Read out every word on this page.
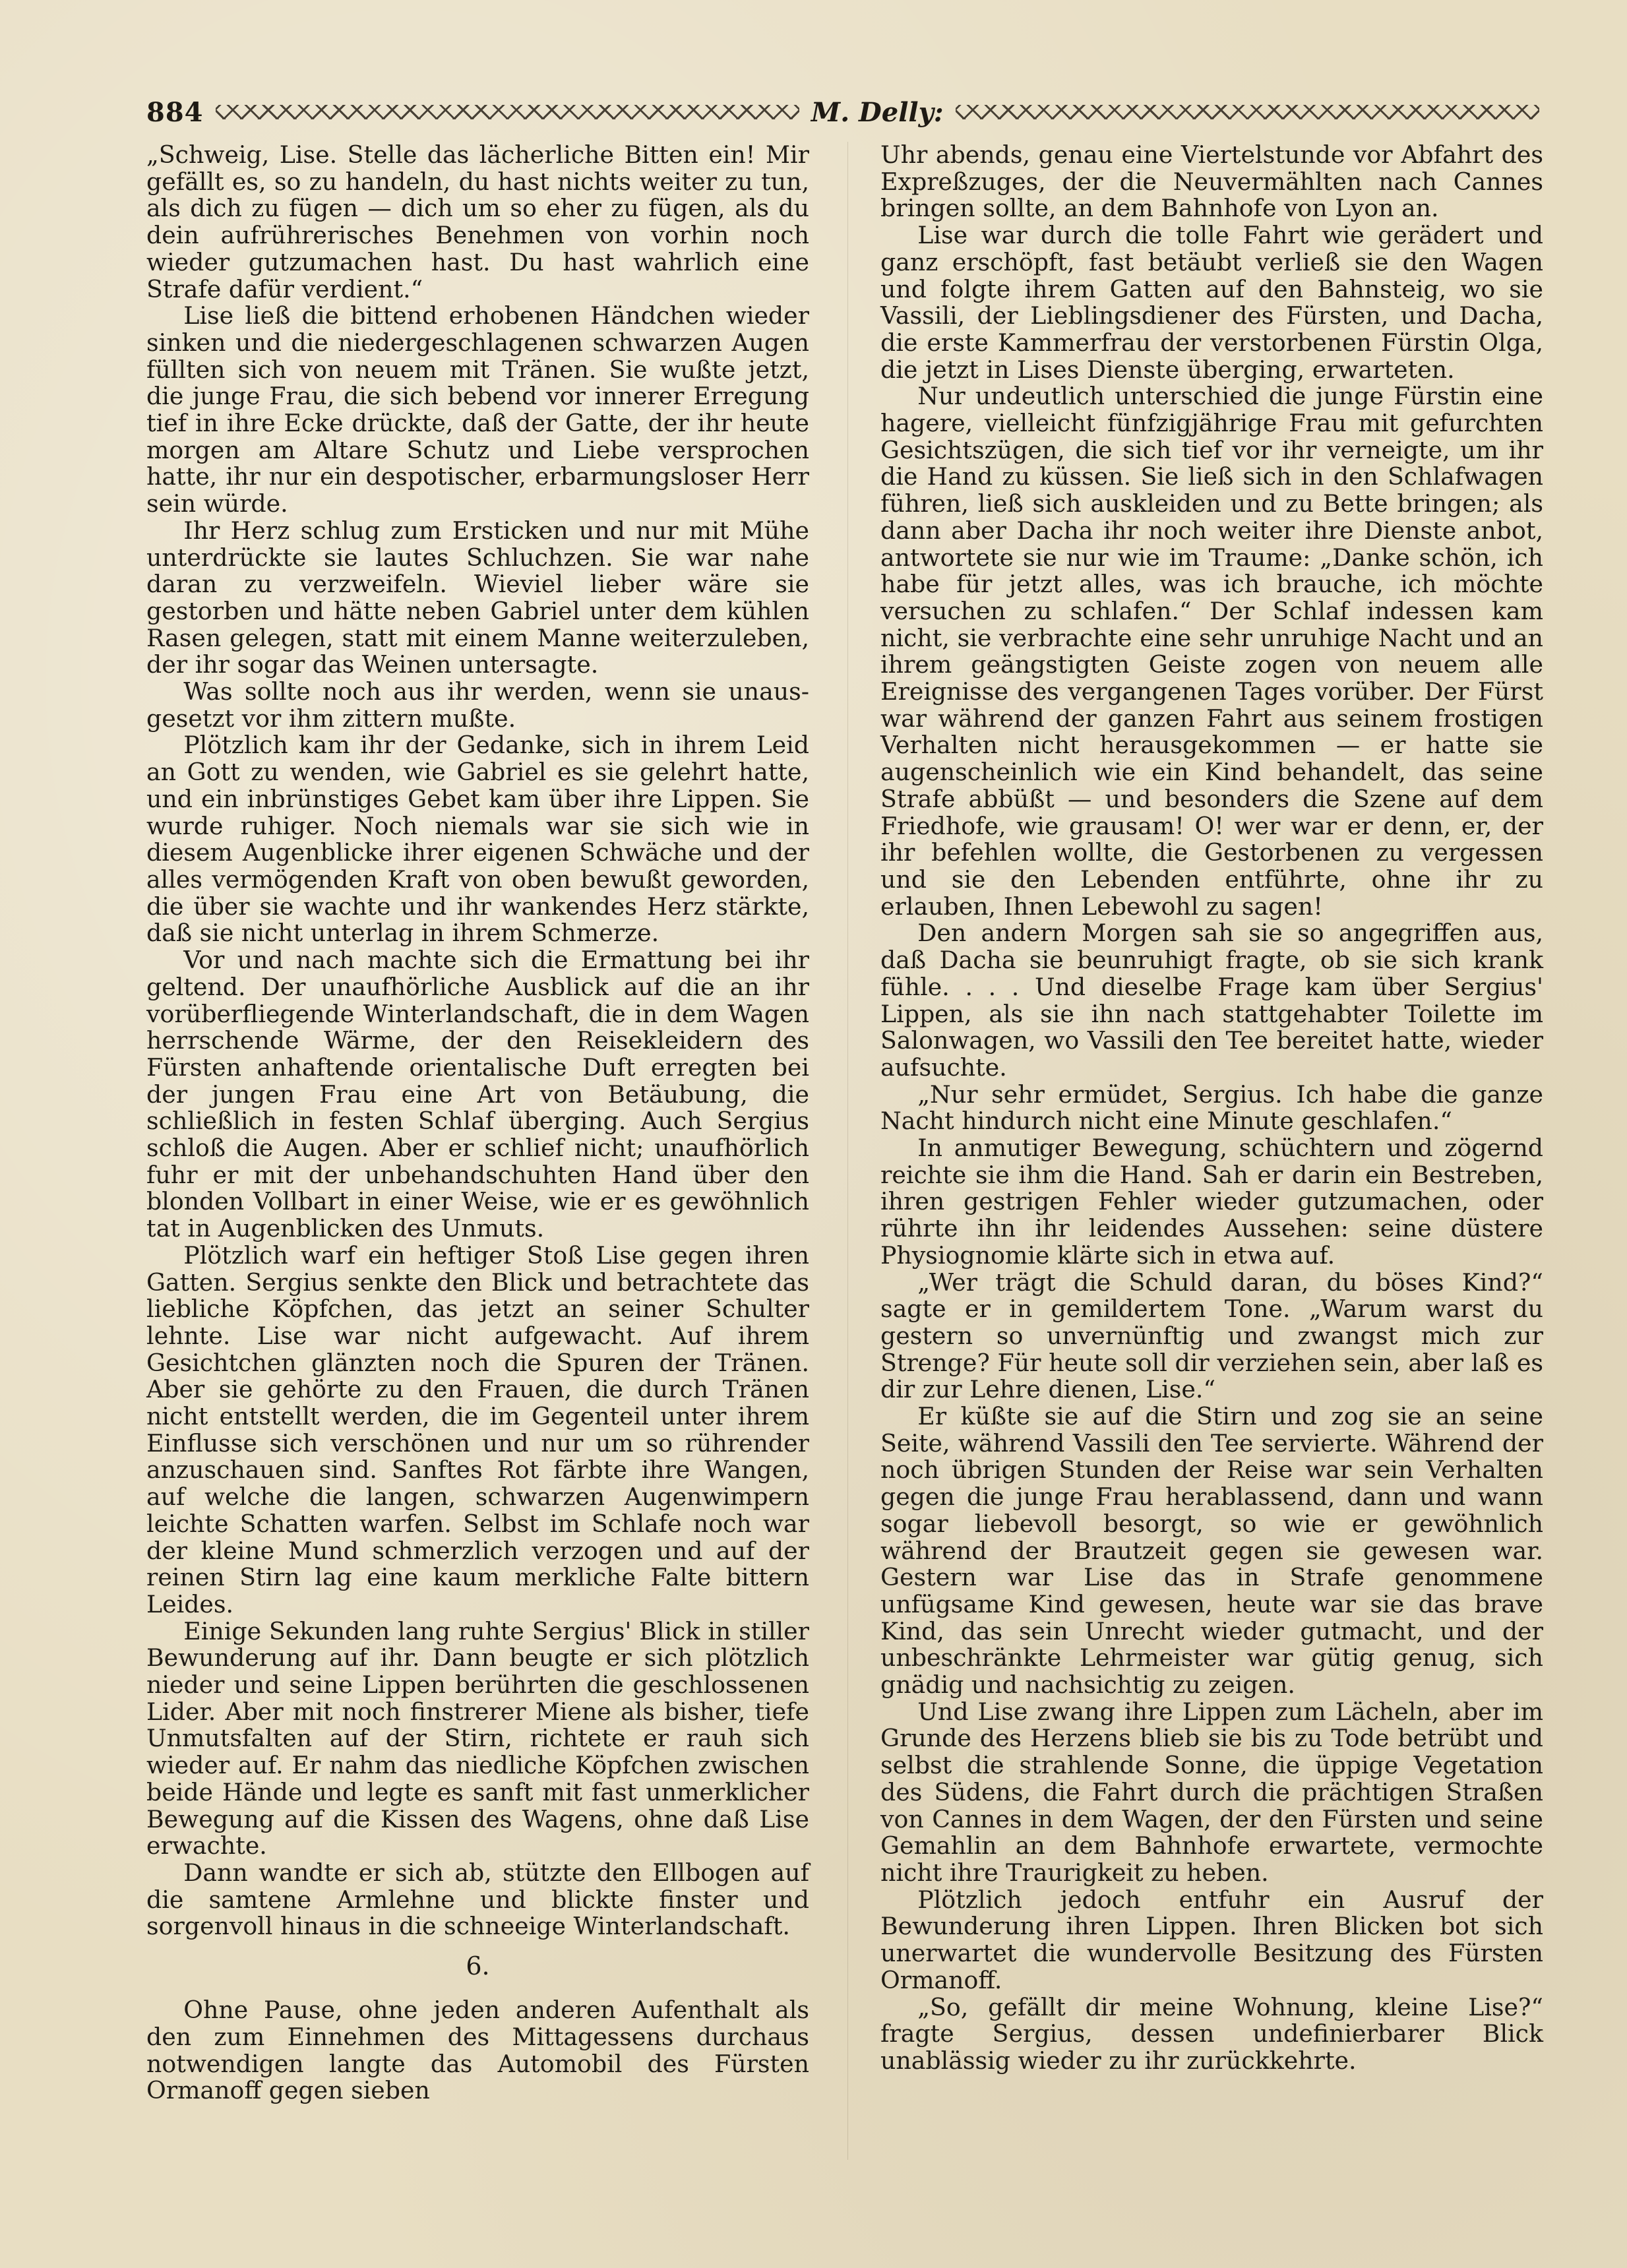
884	M. Delly:

„Schweig, Lise. Stelle das lächerliche Bitten ein! Mir gefällt es, so zu handeln, du hast nichts weiter zu tun, als dich zu fügen — dich um so eher zu fügen, als du dein aufrührerisches Benehmen von vorhin noch wieder gutzumachen hast. Du hast wahrlich eine Strafe dafür verdient.“

Lise ließ die bittend erhobenen Händchen wieder sinken und die niedergeschlagenen schwarzen Augen füllten sich von neuem mit Tränen. Sie wußte jetzt, die junge Frau, die sich bebend vor innerer Erregung tief in ihre Ecke drückte, daß der Gatte, der ihr heute morgen am Altare Schutz und Liebe versprochen hatte, ihr nur ein despotischer, erbarmungsloser Herr sein würde.

Ihr Herz schlug zum Ersticken und nur mit Mühe unterdrückte sie lautes Schluchzen. Sie war nahe daran zu verzweifeln. Wieviel lieber wäre sie gestorben und hätte neben Gabriel unter dem kühlen Rasen gelegen, statt mit einem Manne weiterzuleben, der ihr sogar das Weinen untersagte.

Was sollte noch aus ihr werden, wenn sie unausgesetzt vor ihm zittern mußte.

Plötzlich kam ihr der Gedanke, sich in ihrem Leid an Gott zu wenden, wie Gabriel es sie gelehrt hatte, und ein inbrünstiges Gebet kam über ihre Lippen. Sie wurde ruhiger. Noch niemals war sie sich wie in diesem Augenblicke ihrer eigenen Schwäche und der alles vermögenden Kraft von oben bewußt geworden, die über sie wachte und ihr wankendes Herz stärkte, daß sie nicht unterlag in ihrem Schmerze.

Vor und nach machte sich die Ermattung bei ihr geltend. Der unaufhörliche Ausblick auf die an ihr vorüberfliegende Winterlandschaft, die in dem Wagen herrschende Wärme, der den Reisekleidern des Fürsten anhaftende orientalische Duft erregten bei der jungen Frau eine Art von Betäubung, die schließlich in festen Schlaf überging. Auch Sergius schloß die Augen. Aber er schlief nicht; unaufhörlich fuhr er mit der unbehandschuhten Hand über den blonden Vollbart in einer Weise, wie er es gewöhnlich tat in Augenblicken des Unmuts.

Plötzlich warf ein heftiger Stoß Lise gegen ihren Gatten. Sergius senkte den Blick und betrachtete das liebliche Köpfchen, das jetzt an seiner Schulter lehnte. Lise war nicht aufgewacht. Auf ihrem Gesichtchen glänzten noch die Spuren der Tränen. Aber sie gehörte zu den Frauen, die durch Tränen nicht entstellt werden, die im Gegenteil unter ihrem Einflusse sich verschönen und nur um so rührender anzuschauen sind. Sanftes Rot färbte ihre Wangen, auf welche die langen, schwarzen Augenwimpern leichte Schatten warfen. Selbst im Schlafe noch war der kleine Mund schmerzlich verzogen und auf der reinen Stirn lag eine kaum merkliche Falte bittern Leides.

Einige Sekunden lang ruhte Sergius' Blick in stiller Bewunderung auf ihr. Dann beugte er sich plötzlich nieder und seine Lippen berührten die geschlossenen Lider. Aber mit noch finstrerer Miene als bisher, tiefe Unmutsfalten auf der Stirn, richtete er rauh sich wieder auf. Er nahm das niedliche Köpfchen zwischen beide Hände und legte es sanft mit fast unmerklicher Bewegung auf die Kissen des Wagens, ohne daß Lise erwachte.

Dann wandte er sich ab, stützte den Ellbogen auf die samtene Armlehne und blickte finster und sorgenvoll hinaus in die schneeige Winterlandschaft.

6.

Ohne Pause, ohne jeden anderen Aufenthalt als den zum Einnehmen des Mittagessens durchaus notwendigen langte das Automobil des Fürsten Ormanoff gegen sieben

Uhr abends, genau eine Viertelstunde vor Abfahrt des Expreßzuges, der die Neuvermählten nach Cannes bringen sollte, an dem Bahnhofe von Lyon an.

Lise war durch die tolle Fahrt wie gerädert und ganz erschöpft, fast betäubt verließ sie den Wagen und folgte ihrem Gatten auf den Bahnsteig, wo sie Vassili, der Lieblingsdiener des Fürsten, und Dacha, die erste Kammerfrau der verstorbenen Fürstin Olga, die jetzt in Lises Dienste überging, erwarteten.

Nur undeutlich unterschied die junge Fürstin eine hagere, vielleicht fünfzigjährige Frau mit gefurchten Gesichtszügen, die sich tief vor ihr verneigte, um ihr die Hand zu küssen. Sie ließ sich in den Schlafwagen führen, ließ sich auskleiden und zu Bette bringen; als dann aber Dacha ihr noch weiter ihre Dienste anbot, antwortete sie nur wie im Traume: „Danke schön, ich habe für jetzt alles, was ich brauche, ich möchte versuchen zu schlafen.“ Der Schlaf indessen kam nicht, sie verbrachte eine sehr unruhige Nacht und an ihrem geängstigten Geiste zogen von neuem alle Ereignisse des vergangenen Tages vorüber. Der Fürst war während der ganzen Fahrt aus seinem frostigen Verhalten nicht herausgekommen — er hatte sie augenscheinlich wie ein Kind behandelt, das seine Strafe abbüßt — und besonders die Szene auf dem Friedhofe, wie grausam! O! wer war er denn, er, der ihr befehlen wollte, die Gestorbenen zu vergessen und sie den Lebenden entführte, ohne ihr zu erlauben, Ihnen Lebewohl zu sagen!

Den andern Morgen sah sie so angegriffen aus, daß Dacha sie beunruhigt fragte, ob sie sich krank fühle. . . . Und dieselbe Frage kam über Sergius' Lippen, als sie ihn nach stattgehabter Toilette im Salonwagen, wo Vassili den Tee bereitet hatte, wieder aufsuchte.

„Nur sehr ermüdet, Sergius. Ich habe die ganze Nacht hindurch nicht eine Minute geschlafen.“

In anmutiger Bewegung, schüchtern und zögernd reichte sie ihm die Hand. Sah er darin ein Bestreben, ihren gestrigen Fehler wieder gutzumachen, oder rührte ihn ihr leidendes Aussehen: seine düstere Physiognomie klärte sich in etwa auf.

„Wer trägt die Schuld daran, du böses Kind?“ sagte er in gemildertem Tone. „Warum warst du gestern so unvernünftig und zwangst mich zur Strenge? Für heute soll dir verziehen sein, aber laß es dir zur Lehre dienen, Lise.“

Er küßte sie auf die Stirn und zog sie an seine Seite, während Vassili den Tee servierte. Während der noch übrigen Stunden der Reise war sein Verhalten gegen die junge Frau herablassend, dann und wann sogar liebevoll besorgt, so wie er gewöhnlich während der Brautzeit gegen sie gewesen war. Gestern war Lise das in Strafe genommene unfügsame Kind gewesen, heute war sie das brave Kind, das sein Unrecht wieder gutmacht, und der unbeschränkte Lehrmeister war gütig genug, sich gnädig und nachsichtig zu zeigen.

Und Lise zwang ihre Lippen zum Lächeln, aber im Grunde des Herzens blieb sie bis zu Tode betrübt und selbst die strahlende Sonne, die üppige Vegetation des Südens, die Fahrt durch die prächtigen Straßen von Cannes in dem Wagen, der den Fürsten und seine Gemahlin an dem Bahnhofe erwartete, vermochte nicht ihre Traurigkeit zu heben.

Plötzlich jedoch entfuhr ein Ausruf der Bewunderung ihren Lippen. Ihren Blicken bot sich unerwartet die wundervolle Besitzung des Fürsten Ormanoff.

„So, gefällt dir meine Wohnung, kleine Lise?“ fragte Sergius, dessen undefinierbarer Blick unablässig wieder zu ihr zurückkehrte.
